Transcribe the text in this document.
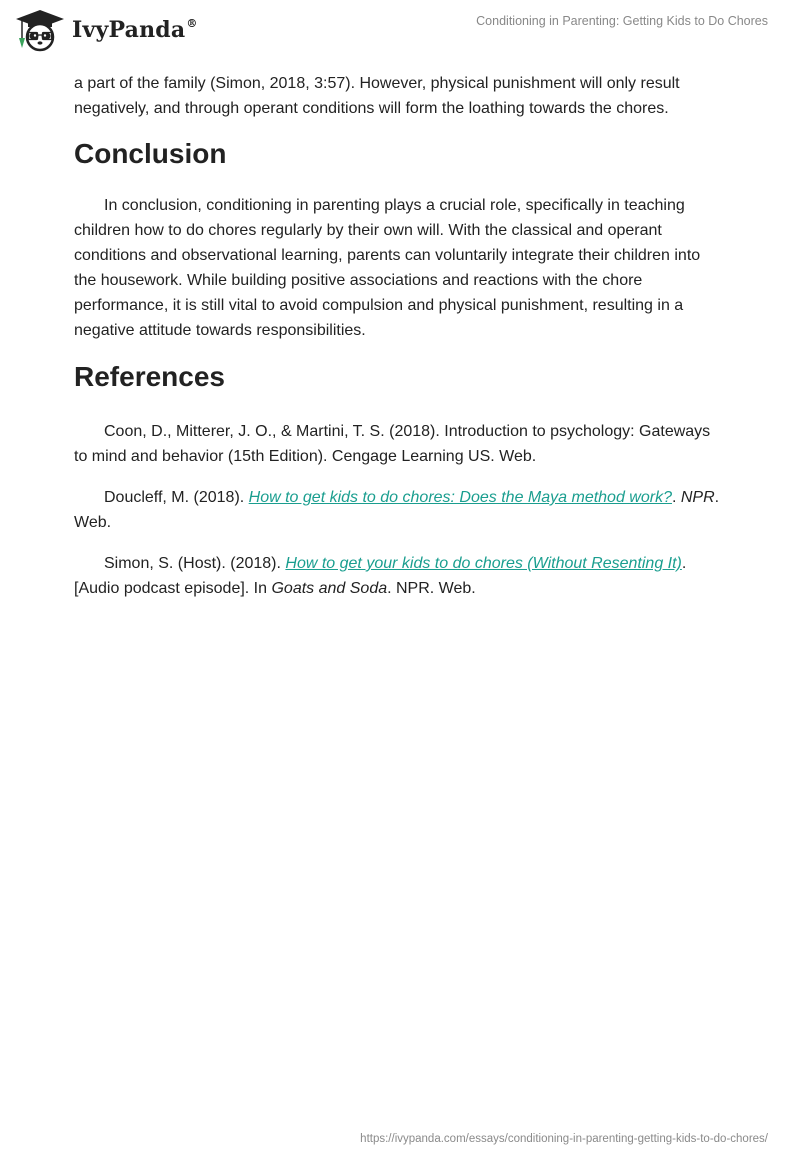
IvyPanda®	Conditioning in Parenting: Getting Kids to Do Chores

a part of the family (Simon, 2018, 3:57). However, physical punishment will only result negatively, and through operant conditions will form the loathing towards the chores.

Conclusion

In conclusion, conditioning in parenting plays a crucial role, specifically in teaching children how to do chores regularly by their own will. With the classical and operant conditions and observational learning, parents can voluntarily integrate their children into the housework. While building positive associations and reactions with the chore performance, it is still vital to avoid compulsion and physical punishment, resulting in a negative attitude towards responsibilities.

References

Coon, D., Mitterer, J. O., & Martini, T. S. (2018). Introduction to psychology: Gateways to mind and behavior (15th Edition). Cengage Learning US. Web.

Doucleff, M. (2018). How to get kids to do chores: Does the Maya method work?. NPR. Web.

Simon, S. (Host). (2018). How to get your kids to do chores (Without Resenting It). [Audio podcast episode]. In Goats and Soda. NPR. Web.

https://ivypanda.com/essays/conditioning-in-parenting-getting-kids-to-do-chores/
